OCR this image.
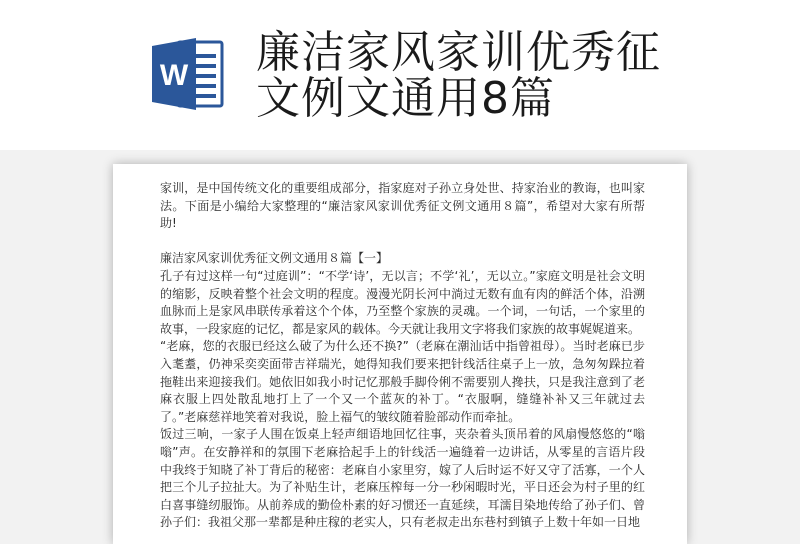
W 廉洁家风家训优秀征
文例文通用8篇

家训，是中国传统文化的重要组成部分，指家庭对子孙立身处世、持家治业的教诲，也叫家法。下面是小编给大家整理的“廉洁家风家训优秀征文例文通用８篇”，希望对大家有所帮助!

廉洁家风家训优秀征文例文通用８篇【一】

孔子有过这样一句“过庭训”：“不学‘诗’，无以言；不学‘礼’，无以立。”家庭文明是社会文明的缩影，反映着整个社会文明的程度。漫漫光阴长河中淌过无数有血有肉的鲜活个体，沿溯血脉而上是家风串联传承着这个个体，乃至整个家族的灵魂。一个词，一句话，一个家里的故事，一段家庭的记忆，都是家风的载体。今天就让我用文字将我们家族的故事娓娓道来。

“老麻，您的衣服已经这么破了为什么还不换?”（老麻在潮汕话中指曾祖母）。当时老麻已步入耄耋，仍神采奕奕面带吉祥瑞光，她得知我们要来把针线活往桌子上一放，急匆匆跺拉着拖鞋出来迎接我们。她依旧如我小时记忆那般手脚伶俐不需要别人搀扶，只是我注意到了老麻衣服上四处散乱地打上了一个又一个蓝灰的补丁。“衣服啊，缝缝补补又三年就过去了。”老麻慈祥地笑着对我说，脸上福气的皱纹随着脸部动作而牵扯。

饭过三响，一家子人围在饭桌上轻声细语地回忆往事，夹杂着头顶吊着的风扇慢悠悠的“嗡嗡”声。在安静祥和的氛围下老麻拾起手上的针线活一遍缝着一边讲话，从零星的言语片段中我终于知晓了补丁背后的秘密：老麻自小家里穷，嫁了人后时运不好又守了活寡，一个人把三个儿子拉扯大。为了补贴生计，老麻压榨每一分一秒闲暇时光，平日还会为村子里的红白喜事缝纫服饰。从前养成的勤俭朴素的好习惯还一直延续，耳濡目染地传给了孙子们、曾孙子们：我祖父那一辈都是种庄稼的老实人，只有老叔走出东巷村到镇子上数十年如一日地
